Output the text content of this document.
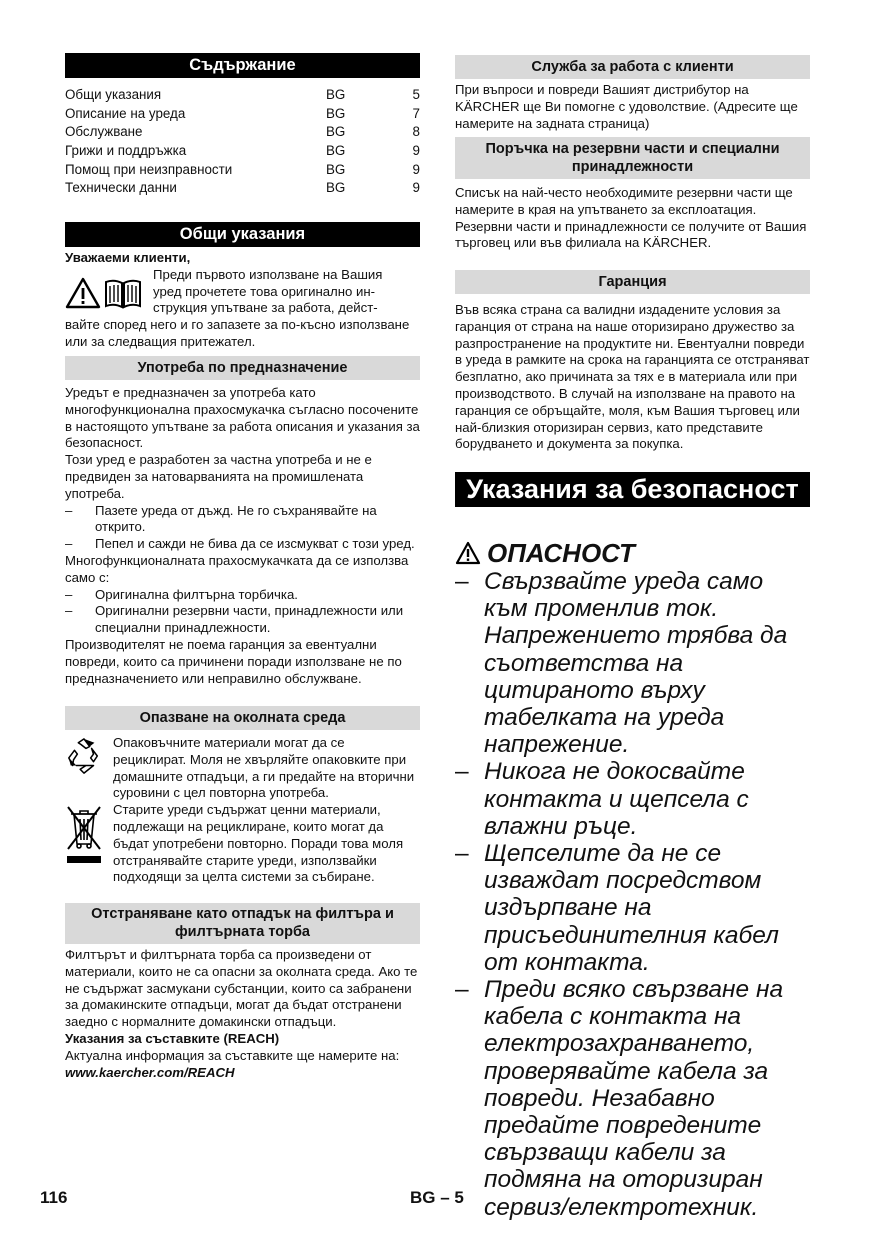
Съдържание
Общи указания	BG	5
Описание на уреда	BG	7
Обслужване	BG	8
Грижи и поддръжка	BG	9
Помощ при неизправности	BG	9
Технически данни	BG	9
Общи указания

Уважаеми клиенти,

Преди първото използване на Вашия

уред прочетете това оригинално ин-

струкция упътване за работа, дейст-

вайте според него и го запазете за по-късно използване или за следващия притежател.

Употреба по предназначение

Уредът е предназначен за употреба като многофункционална прахосмукачка съгласно посочените в настоящото упътване за работа описания и указания за безопасност.

Този уред е разработен за частна употреба и не е предвиден за натоварванията на промишлената употреба.

–	Пазете уреда от дъжд. Не го съхранявайте на открито.
–	Пепел и сажди не бива да се изсмукват с този уред.

Многофункционалната прахосмукачката да се използва само с:

–	Оригинална филтърна торбичка.
–	Оригинални резервни части, принадлежности или специални принадлежности.

Производителят не поема гаранция за евентуални повреди, които са причинени поради използване не по предназначението или неправилно обслужване.

Опазване на околната среда

Опаковъчните материали могат да се рециклират. Моля не хвърляйте опаковките при домашните отпадъци, а ги предайте на вторични суровини с цел повторна употреба.

Старите уреди съдържат ценни материали, подлежащи на рециклиране, които могат да бъдат употребени повторно. Поради това моля отстранявайте старите уреди, използвайки подходящи за целта системи за събиране.

Отстраняване като отпадък на филтъра и филтърната торба

Филтърът и филтърната торба са произведени от материали, които не са опасни за околната среда. Ако те не съдържат засмукани субстанции, които са забранени за домакинските отпадъци, могат да бъдат отстранени заедно с нормалните домакински отпадъци.

Указания за съставките (REACH)

Актуална информация за съставките ще намерите на:

www.kaercher.com/REACH

Служба за работа с клиенти

При въпроси и повреди Вашият дистрибутор на KÄRCHER ще Ви помогне с удоволствие. (Адресите ще намерите на задната страница)

Поръчка на резервни части и специални принадлежности

Списък на най-често необходимите резервни части ще намерите в края на упътването за експлоатация. Резервни части и принадлежности се получите от Вашия търговец или във филиала на KÄRCHER.

Гаранция

Във всяка страна са валидни издадените условия за гаранция от страна на наше оторизирано дружество за разпространение на продуктите ни. Евентуални повреди в уреда в рамките на срока на гаранцията се отстраняват безплатно, ако причината за тях е в материала или при производството. В случай на използване на правото на гаранция се обръщайте, моля, към Вашия търговец или най-близкия оторизиран сервиз, като представите борудването и документа за покупка.

Указания за безопасност
ОПАСНОСТ
– Свързвайте уреда само към променлив ток. Напрежението трябва да съответства на цитираното върху табелката на уреда напрежение.
– Никога не докосвайте контакта и щепсела с влажни ръце.
– Щепселите да не се изваждат посредством издърпване на присъединителния кабел от контакта.
– Преди всяко свързване на кабела с контакта на електрозахранването, проверявайте кабела за повреди. Незабавно предайте повредените свързващи кабели за подмяна на оторизиран сервиз/електротехник.
116	BG – 5
